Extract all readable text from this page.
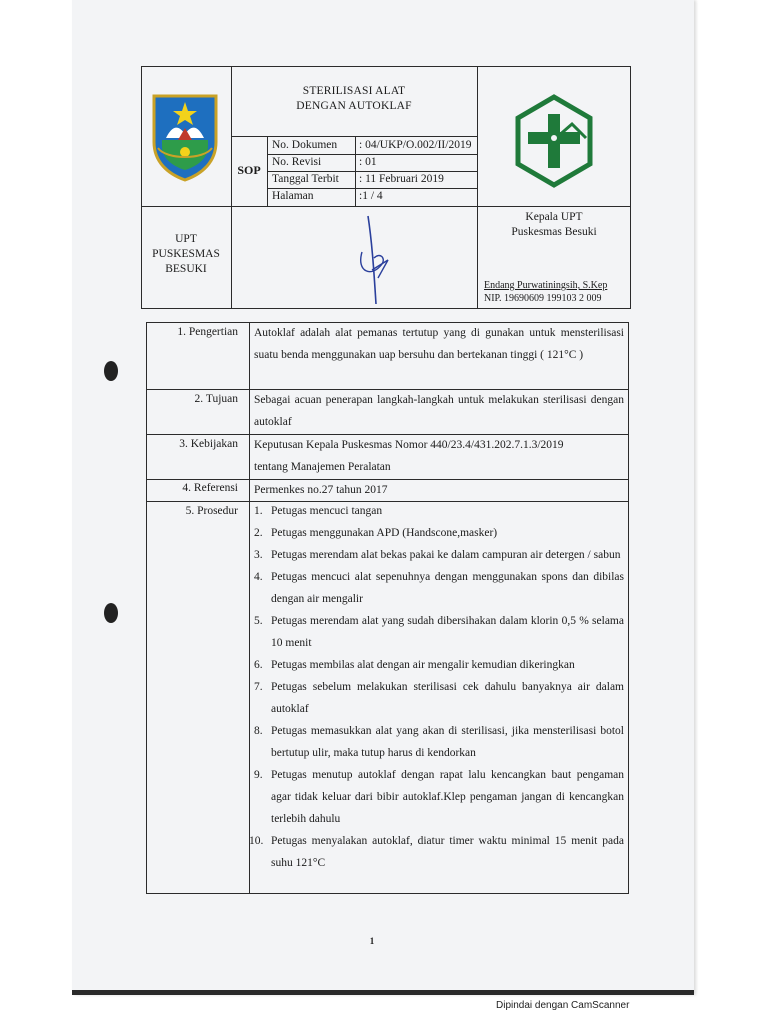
STERILISASI ALAT
DENGAN AUTOKLAF
SOP
No. Dokumen : 04/UKP/O.002/II/2019
No. Revisi	: 01
Tanggal Terbit : 11 Februari 2019
Halaman	:1 / 4
UPT
PUSKESMAS
BESUKI
Kepala UPT
Puskesmas Besuki
Endang Purwatiningsih, S.Kep
NIP. 19690609 199103 2 009
1. Pengertian Autoklaf adalah alat pemanas tertutup yang di gunakan untuk mensterilisasi suatu benda menggunakan uap bersuhu dan bertekanan tinggi ( 121°C )
2. Tujuan Sebagai acuan penerapan langkah-langkah untuk melakukan sterilisasi dengan autoklaf
3. Kebijakan Keputusan Kepala Puskesmas Nomor 440/23.4/431.202.7.1.3/2019
tentang Manajemen Peralatan
4. Referensi Permenkes no.27 tahun 2017
5. Prosedur 1. Petugas mencuci tangan
2. Petugas menggunakan APD (Handscone,masker)
3. Petugas merendam alat bekas pakai ke dalam campuran air detergen / sabun
4. Petugas mencuci alat sepenuhnya dengan menggunakan spons dan dibilas dengan air mengalir
5. Petugas merendam alat yang sudah dibersihakan dalam klorin 0,5 % selama 10 menit
6. Petugas membilas alat dengan air mengalir kemudian dikeringkan
7. Petugas sebelum melakukan sterilisasi cek dahulu banyaknya air dalam autoklaf
8. Petugas memasukkan alat yang akan di sterilisasi, jika mensterilisasi botol bertutup ulir, maka tutup harus di kendorkan
9. Petugas menutup autoklaf dengan rapat lalu kencangkan baut pengaman agar tidak keluar dari bibir autoklaf.Klep pengaman jangan di kencangkan terlebih dahulu
10. Petugas menyalakan autoklaf, diatur timer waktu minimal 15 menit pada suhu 121°C
1
Dipindai dengan CamScanner
